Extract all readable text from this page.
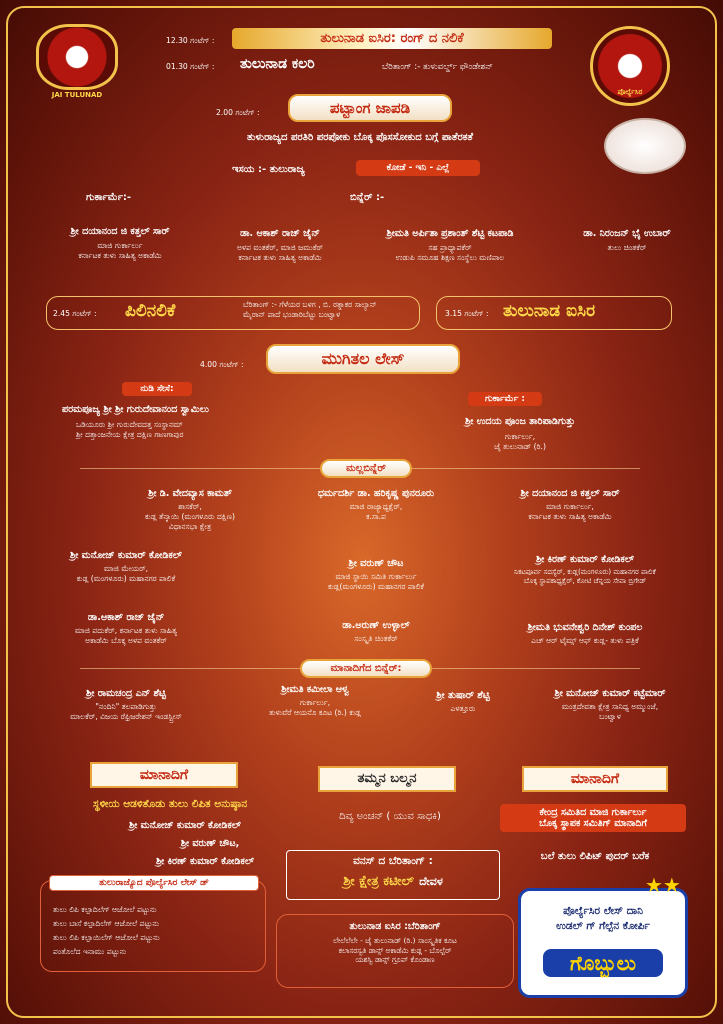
JAI TULUNAD	ಪೊರ್ಲ್ಯೆಸಿರ
12.30 ಗಂಟೆಗ್ :	ತುಲುನಾಡ ಐಸಿರ: ರಂಗ್ ದ ನಲಿಕೆ
01.30 ಗಂಟೆಗ್ : ತುಲುನಾಡ ಕಲರಿ	ಬೆರಿತಾಂಗ್ :- ತುಳುವರ್ಲ್ಡ್ ಫೌಂಡೇಶನ್
2.00 ಗಂಟೆಗ್ :	ಪಟ್ಟಾಂಗ ಜಾಪಡಿ
ತುಳುರಾಜ್ಯದ ಪರತಿರಿ ಪರಪೋಕು ಬೊಕ್ಕ ಪೊಸಸೋಕುದ ಬಗ್ಗೆ ಪಾತೆರಕತೆ
ಇಸಯ :- ತುಲುರಾಜ್ಯ	ಕೋಡೆ - ಇನಿ - ಎಲ್ಲೆ
ಗುರ್ಕಾರ್ಮೆ:-	ಬಿನ್ನೆರ್ :-
ಶ್ರೀ ದಯಾನಂದ ಜಿ ಕತ್ತಲ್ ಸಾರ್
ಮಾಜಿ ಗುರ್ಕಾರ್ಲು
ಕರ್ನಾಟಕ ತುಳು ಸಾಹಿತ್ಯ ಅಕಾಡೆಮಿ
ಡಾ. ಆಕಾಶ್ ರಾಜ್ ಜೈನ್
ಅಳಪ ವಂತಕೆರ್, ಮಾಜಿ ಜಮುಕೆರ್
ಕರ್ನಾಟಕ ತುಳು ಸಾಹಿತ್ಯ ಅಕಾಡೆಮಿ
ಶ್ರೀಮತಿ ಅರ್ಪಿತಾ ಪ್ರಶಾಂತ್ ಶೆಟ್ಟಿ ಕಟಪಾಡಿ
ಸಹ ಪ್ರಾಧ್ಯಾಪಕೆರ್
ಉಡುಪಿ ಸಮೂಹ ಶಿಕ್ಷಣ ಸಂಸ್ಥೆಲು ಮಣಿಪಾಲ
ಡಾ. ನಿರಂಜನ್ ಭೈ ಉಬಾರ್
ತುಲು ಚಿಂತಕೆರ್
2.45 ಗಂಟೆಗ್ : ಪಿಲಿನಲಿಕೆ	ಬೆರಿತಾಂಗ್ :- ಗೆಳೆಯರ ಬಳಗ , ಬಿ. ರತ್ನಾಕರ ಸಾಲ್ಯಾನ್
ಮೈರಾನ್ ಪಾದೆ ಭಂಡಾರಿಬೆಟ್ಟು ಬಂಟ್ವಾಳ	3.15 ಗಂಟೆಗ್ : ತುಲುನಾಡ ಐಸಿರ
4.00 ಗಂಟೆಗ್ :	ಮುಗಿತಲ ಲೇಸ್
ನುಡಿ ಸೇಸೆ:
ಪರಮಪೂಜ್ಯ ಶ್ರೀ ಶ್ರೀ ಗುರುದೇವಾನಂದ ಸ್ವಾಮಿಲು
ಒಡಿಯೂರು ಶ್ರೀ ಗುರುದೇವದತ್ತ ಸಂಸ್ಥಾನಮ್
ಶ್ರೀ ದತ್ತಾಂಜನೇಯ ಕ್ಷೇತ್ರ ದಕ್ಷಿಣ ಗಾಣಗಾಪುರ
ಗುರ್ಕಾರ್ಮೆ :
ಶ್ರೀ ಉದಯ ಪೂಂಜ ತಾರಿಪಾಡಿಗುತ್ತು
ಗುರ್ಕಾರ್ಲು,
ಜೈ ತುಲುನಾಡ್ (ರಿ.)
ಮಲ್ಲಬಿನ್ನೆರ್
ಶ್ರೀ ಡಿ. ವೇದವ್ಯಾಸ ಕಾಮತ್
ಶಾಸಕೆರ್,
ಕುಡ್ಲ ತೆನ್ಕಾಯಿ (ಮಂಗಳೂರು ದಕ್ಷಿಣ)
ವಿಧಾನಸಭಾ ಕ್ಷೇತ್ರ
ಧರ್ಮದರ್ಶಿ ಡಾ. ಹರಿಕೃಷ್ಣ ಪುನರೂರು
ಮಾಜಿ ರಾಜ್ಯಾಧ್ಯಕ್ಷೆರ್,
ಕ.ಸಾ.ಪ
ಶ್ರೀ ದಯಾನಂದ ಜಿ ಕತ್ತಲ್ ಸಾರ್
ಮಾಜಿ ಗುರ್ಕಾರ್ಲು,
ಕರ್ನಾಟಕ ತುಳು ಸಾಹಿತ್ಯ ಅಕಾಡೆಮಿ
ಶ್ರೀ ಮನೋಜ್ ಕುಮಾರ್ ಕೋಡಿಕಲ್
ಮಾಜಿ ಮೇಯರ್,
ಕುಡ್ಲ (ಮಂಗಳೂರು) ಮಹಾನಗರ ಪಾಲಿಕೆ
ಶ್ರೀ ವರುಣ್ ಚೌಟ
ಮಾಜಿ ಸ್ಥಾಯಿ ಸಮಿತಿ ಗುರ್ಕಾರ್ಲು
ಕುಡ್ಲ(ಮಂಗಳೂರು) ಮಹಾನಗರ ಪಾಲಿಕೆ
ಶ್ರೀ ಕಿರಣ್ ಕುಮಾರ್ ಕೋಡಿಕಲ್
ನಿಕಟಪೂರ್ವ ಸದಸ್ಯೆರ್, ಕುಡ್ಲ(ಮಂಗಳೂರು) ಮಹಾನಗರ ಪಾಲಿಕೆ
ಬೊಕ್ಕ ಸ್ಥಾಪಕಾಧ್ಯಕ್ಷೆರ್, ಕೋಟಿ ಚೆನ್ನಯ ಸೇವಾ ಬ್ರಿಗೇಡ್
ಡಾ.ಆಕಾಶ್ ರಾಜ್ ಜೈನ್
ಮಾಜಿ ಪದುಕೆರ್, ಕರ್ನಾಟಕ ತುಳು ಸಾಹಿತ್ಯ
ಅಕಾಡೆಮಿ ಬೊಕ್ಕ ಅಳಪ ವಂತಕೆರ್
ಡಾ.ಅರುಣ್ ಉಳ್ಳಾಲ್
ಸಂಸ್ಕೃತಿ ಚಿಂತಕೆರ್
ಶ್ರೀಮತಿ ಭುವನೇಶ್ವರಿ ದಿನೇಶ್ ಕುಂಪಲ
ಎಚ್ ಆರ್ ಟೈಮ್ಸ್ ಆಫ್ ಕುಡ್ಲ- ತುಳು ಪತ್ರಿಕೆ
ಮಾನಾದಿಗೆದ ಬಿನ್ನೆರ್:
ಶ್ರೀ ರಾಮಚಂದ್ರ ಎನ್ ಶೆಟ್ಟಿ
"ನಂದಿನಿ" ತಲಪಾಡಿಗುತ್ತು
ಮಾಲಕೆರ್, ವಿಜಯ ರೆಫ್ರಿಜರೇಶನ್ ಇಂಡಸ್ಟ್ರೀಸ್
ಶ್ರೀಮತಿ ಕಮೀಲಾ ಆಳ್ವ
ಗುರ್ಕಾರ್ಲು,
ತುಳುವೆರೆ ಆಯನೊ ಕೂಟ (ರಿ.) ಕುಡ್ಲ
ಶ್ರೀ ತುಷಾರ್ ಶೆಟ್ಟಿ
ಎಳತ್ತೂರು
ಶ್ರೀ ಮನೋಜ್ ಕುಮಾರ್ ಕಟ್ಟೆಮಾರ್
ಮಂತ್ರದೇವತಾ ಕ್ಷೇತ್ರ ಸಾನಿಧ್ಯ ಅಮ್ಮುಂಜೆ,
ಬಂಟ್ವಾಳ
ಮಾನಾದಿಗೆ
ಸ್ಥಳೀಯ ಆಡಳಿತೊಡು ತುಲು ಲಿಪಿತ ಅನುಷ್ಠಾನ
ಶ್ರೀ ಮನೋಜ್ ಕುಮಾರ್ ಕೋಡಿಕಲ್
ಶ್ರೀ ವರುಣ್ ಚೌಟ,
ಶ್ರೀ ಕಿರಣ್ ಕುಮಾರ್ ಕೋಡಿಕಲ್
ತಮ್ಮನ ಬಲ್ಮನ
ದಿವ್ಯ ಅಂಚನ್ ( ಯುವ ಸಾಧಕಿ)
ಮಾನಾದಿಗೆ
ಕೇಂದ್ರ ಸಮಿತಿದ ಮಾಜಿ ಗುರ್ಕಾರ್ಲು
ಬೊಕ್ಕ ಸ್ಥಾಪಕ ಸಮಿತಿಗ್ ಮಾನಾದಿಗೆ
ಬಲೆ ತುಲು ಲಿಪಿಟ್ ಪುದರ್ ಬರೆಕ
ವನಸ್ ದ ಬೆರಿತಾಂಗ್ :
ಶ್ರೀ ಕ್ಷೇತ್ರ ಕಟೀಲ್ ದೇವಳ
ತುಲುರಾಜ್ಯೊದ ಪೊರ್ಲ್ಯೆಸಿರ ಲೇಸ್ ಡ್
ತುಲು ಲಿಪಿ ಕಲ್ಪಾದಿಲೆಗ್ ಆಜೋಲೆ ಪಟ್ಟುನು
ತುಲು ಬಾಸೆ ಕಲ್ಪಾದಿಲೆಗ್ ಆಜೋಲೆ ಪಟ್ಟುನು
ತುಲು ಲಿಪಿ ಕಲ್ಪಾಯಿಲೆಗ್ ಆಜೋಲೆ ಪಟ್ಟುನು
ಪಂತೊಲೆದ ಇನಾಮು ಪಟ್ಟುನು
ತುಲುನಾಡ ಐಸಿರ :ಬೆರಿತಾಂಗ್
ಲೇಲೆಲೆಲೇ - ಜೈ ತುಲುನಾಡ್ (ರಿ.) ಸಾಂಸ್ಕೃತಿಕ ಕೂಟ
ಕಲಾಸರಸ್ವತಿ ಡಾನ್ಸ್ ಅಕಾಡೆಮಿ ಕುಡ್ಲ - ಬೊಲ್ಟೆರ್
ಯಶಸ್ವಿ ಡಾನ್ಸ್ ಗ್ರೂಪ್ ಕೊಂಡಾಣ
★★
ಪೊರ್ಲ್ಯೆಸಿರ ಲೇಸ್ ದಾನಿ
ಉಡಲ್ ಗ್ ಗೆಲ್ಪೆನ ಕೋರ್ಪಿ
ಗೊಬ್ಬುಲು
